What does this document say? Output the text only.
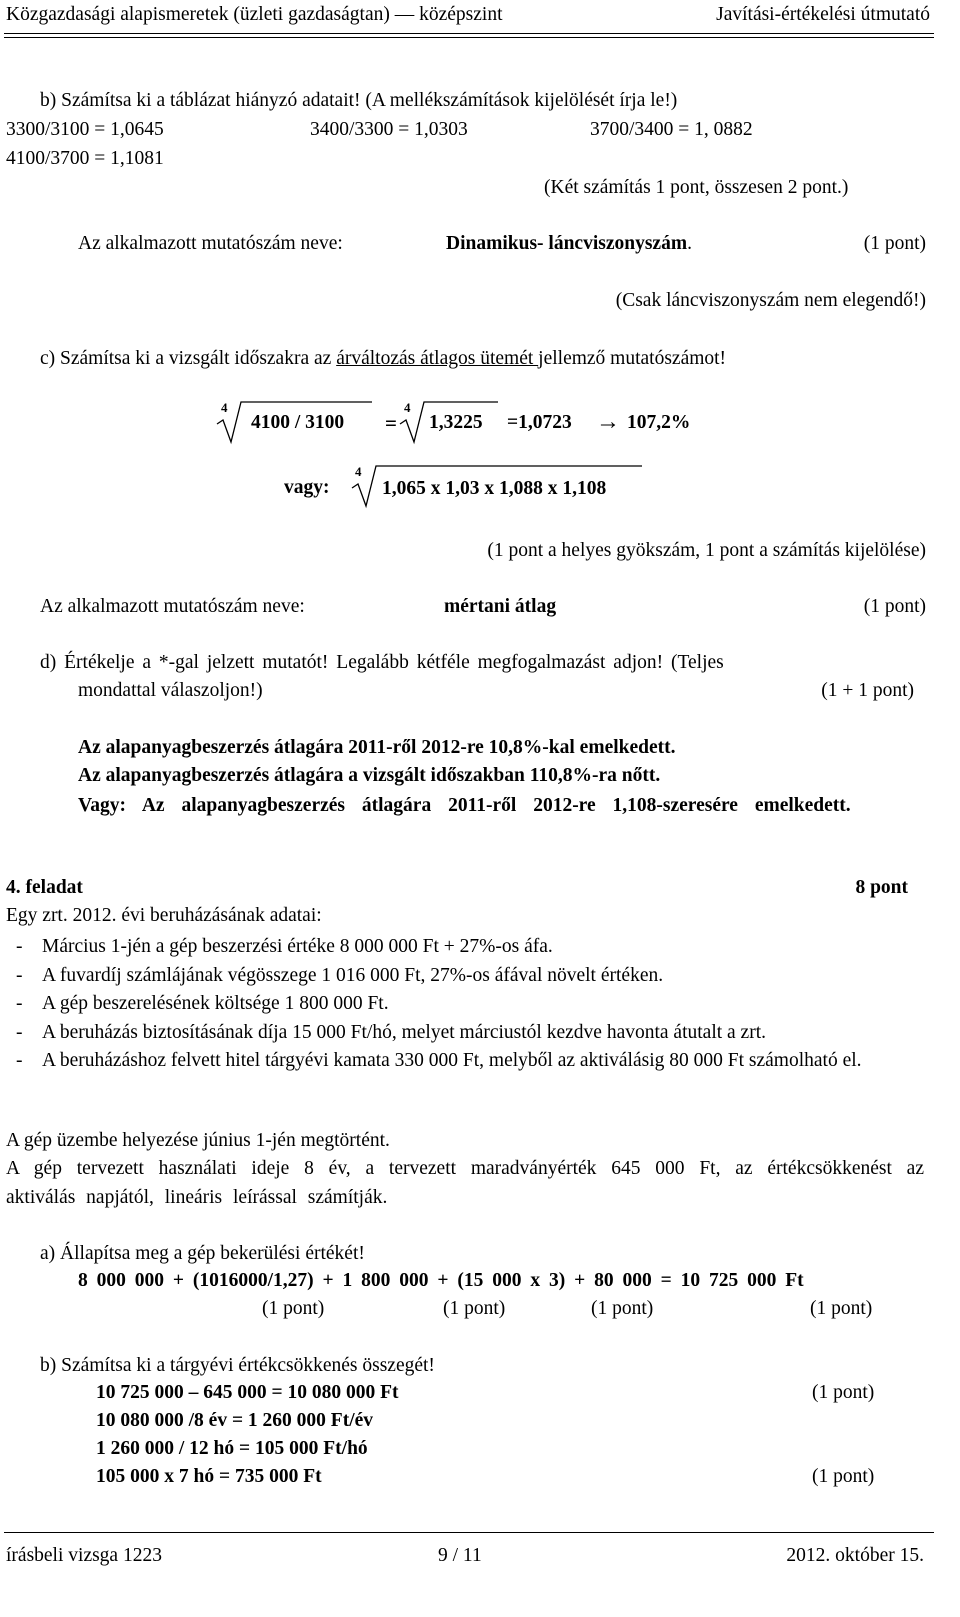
Közgazdasági alapismeretek (üzleti gazdaságtan) — középszint	Javítási-értékelési útmutató
b) Számítsa ki a táblázat hiányzó adatait! (A mellékszámítások kijelölését írja le!)
3300/3100 = 1,0645	3400/3300 = 1,0303	3700/3400 = 1, 0882
4100/3700 = 1,1081
(Két számítás 1 pont, összesen 2 pont.)
Az alkalmazott mutatószám neve:	Dinamikus- láncviszonyszám.	(1 pont)
(Csak láncviszonyszám nem elegendő!)
c) Számítsa ki a vizsgált időszakra az árváltozás átlagos ütemét jellemző mutatószámot!
4
4100 / 3100 =
4
1,3225 =1,0723 → 107,2%
vagy:
4
1,065 x 1,03 x 1,088 x 1,108
(1 pont a helyes gyökszám, 1 pont a számítás kijelölése)
Az alkalmazott mutatószám neve:	mértani átlag	(1 pont)
d) Értékelje a *-gal jelzett mutatót! Legalább kétféle megfogalmazást adjon! (Teljes
mondattal válaszoljon!)	(1 + 1 pont)
Az alapanyagbeszerzés átlagára 2011-ről 2012-re 10,8%-kal emelkedett.
Az alapanyagbeszerzés átlagára a vizsgált időszakban 110,8%-ra nőtt.
Vagy: Az alapanyagbeszerzés átlagára 2011-ről 2012-re 1,108-szeresére emelkedett.
4. feladat	8 pont
Egy zrt. 2012. évi beruházásának adatai:
- Március 1-jén a gép beszerzési értéke 8 000 000 Ft + 27%-os áfa.
- A fuvardíj számlájának végösszege 1 016 000 Ft, 27%-os áfával növelt értéken.
- A gép beszerelésének költsége 1 800 000 Ft.
- A beruházás biztosításának díja 15 000 Ft/hó, melyet márciustól kezdve havonta átutalt a zrt.
- A beruházáshoz felvett hitel tárgyévi kamata 330 000 Ft, melyből az aktiválásig 80 000 Ft számolható el.
A gép üzembe helyezése június 1-jén megtörtént.
A gép tervezett használati ideje 8 év, a tervezett maradványérték 645 000 Ft, az értékcsökkenést az aktiválás napjától, lineáris leírással számítják.
a) Állapítsa meg a gép bekerülési értékét!
8 000 000 + (1016000/1,27) + 1 800 000 + (15 000 x 3) + 80 000 = 10 725 000 Ft
(1 pont)	(1 pont)	(1 pont)	(1 pont)
b) Számítsa ki a tárgyévi értékcsökkenés összegét!
10 725 000 – 645 000 = 10 080 000 Ft	(1 pont)
10 080 000 /8 év = 1 260 000 Ft/év
1 260 000 / 12 hó = 105 000 Ft/hó
105 000 x 7 hó = 735 000 Ft	(1 pont)
írásbeli vizsga 1223	9 / 11	2012. október 15.
